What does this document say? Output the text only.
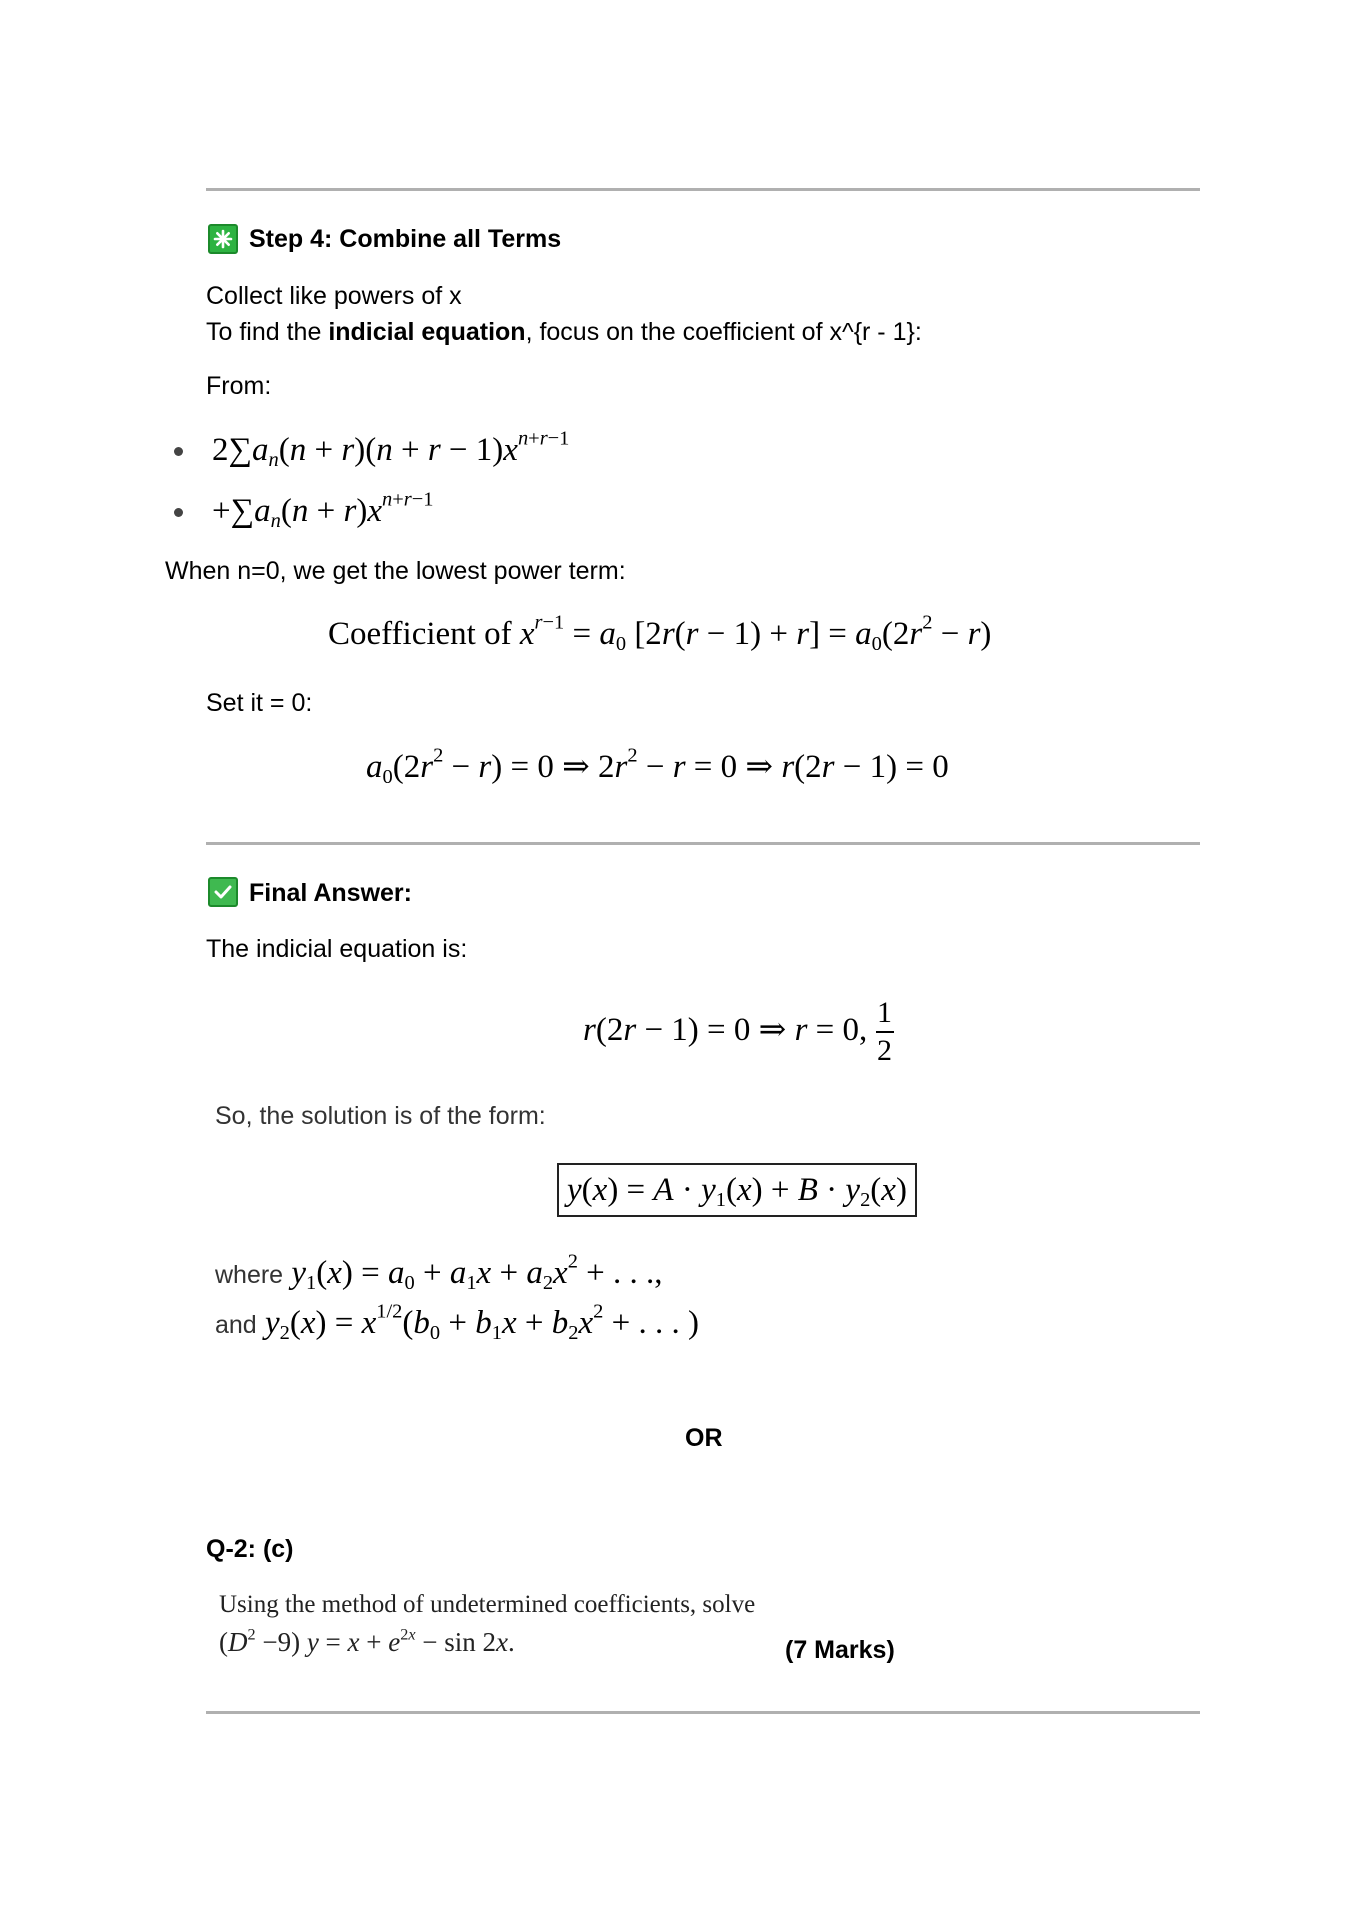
Step 4: Combine all Terms
Collect like powers of x
To find the indicial equation, focus on the coefficient of x^{r - 1}:
From:
$2\sum a_n(n + r)(n + r - 1)x^{n+r-1}$
$+\sum a_n(n + r)x^{n+r-1}$
When n=0, we get the lowest power term:
Coefficient of $x^{r-1} = a_0$ $[2r(r - 1) + r] = a_0(2r^2 - r)$
Set it = 0:
$a_0(2r^2 - r) = 0$ ⇒ $2r^2 - r = 0$ ⇒ r(2r − 1) = 0
Final Answer:
The indicial equation is:
r(2r − 1) = 0 ⇒ r = 0, $\frac{1}{2}$
So, the solution is of the form:
$y(x) = A \cdot y_1(x) + B \cdot y_2(x)$
where $y_1(x) = a_0 + a_1x + a_2x^2$ + . . .,
and $y_2(x) = x^{1/2}(b_0 + b_1x + b_2x^2$ + . . . )
OR
Q-2: (c)
Using the method of undetermined coefficients, solve
$(D^2 -9) y = x + e^{2x} - \sin 2x$.	(7 Marks)
